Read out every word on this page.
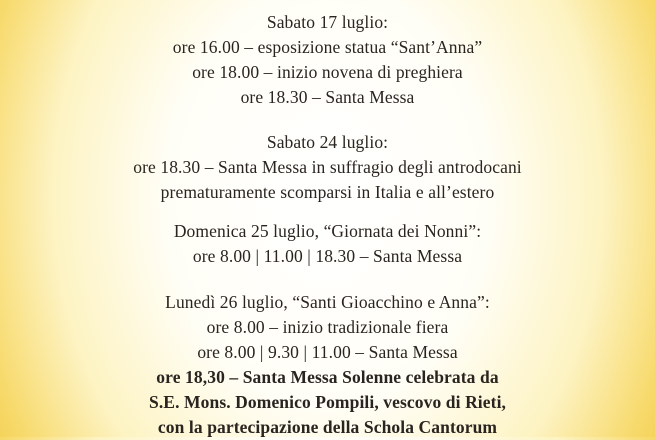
Sabato 17 luglio:
ore 16.00 – esposizione statua “Sant’Anna”
ore 18.00 – inizio novena di preghiera
ore 18.30 – Santa Messa
Sabato 24 luglio:
ore 18.30 – Santa Messa in suffragio degli antrodocani
prematuramente scomparsi in Italia e all’estero
Domenica 25 luglio, “Giornata dei Nonni”:
ore 8.00 | 11.00 | 18.30 – Santa Messa
Lunedì 26 luglio, “Santi Gioacchino e Anna”:
ore 8.00 – inizio tradizionale fiera
ore 8.00 | 9.30 | 11.00 – Santa Messa
ore 18,30 – Santa Messa Solenne celebrata da
S.E. Mons. Domenico Pompili, vescovo di Rieti,
con la partecipazione della Schola Cantorum
